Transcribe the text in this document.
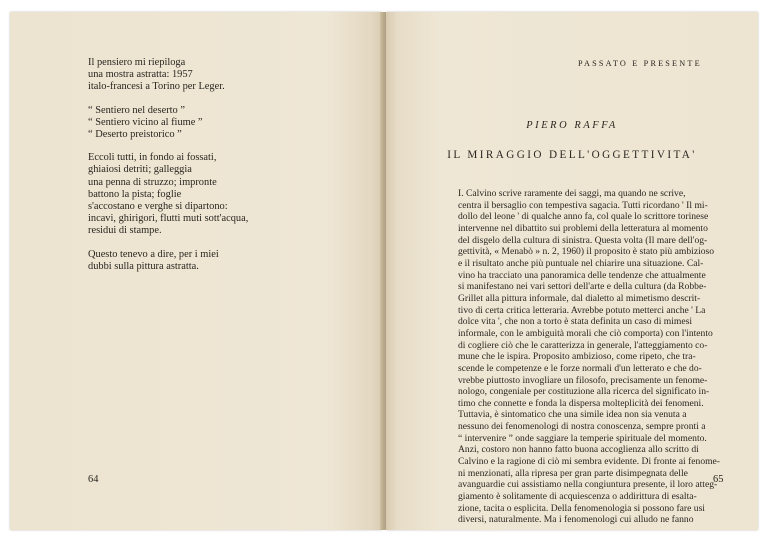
Il pensiero mi riepiloga
una mostra astratta: 1957
italo-francesi a Torino per Leger.
“ Sentiero nel deserto ”
“ Sentiero vicino al fiume ”
“ Deserto preistorico ”
Eccoli tutti, in fondo ai fossati,
ghiaiosi detriti; galleggia
una penna di struzzo; impronte
battono la pista; foglie
s'accostano e verghe si dipartono:
incavi, ghirigori, flutti muti sott'acqua,
residui di stampe.
Questo tenevo a dire, per i miei
dubbi sulla pittura astratta.
64
PASSATO E PRESENTE
PIERO RAFFA
IL MIRAGGIO DELL'OGGETTIVITA'
I. Calvino scrive raramente dei saggi, ma quando ne scrive,
centra il bersaglio con tempestiva sagacia. Tutti ricordano ' Il mi-
dollo del leone ' di qualche anno fa, col quale lo scrittore torinese
intervenne nel dibattito sui problemi della letteratura al momento
del disgelo della cultura di sinistra. Questa volta (Il mare dell'og-
gettività, « Menabò » n. 2, 1960) il proposito è stato più ambizioso
e il risultato anche più puntuale nel chiarire una situazione. Cal-
vino ha tracciato una panoramica delle tendenze che attualmente
si manifestano nei vari settori dell'arte e della cultura (da Robbe-
Grillet alla pittura informale, dal dialetto al mimetismo descrit-
tivo di certa critica letteraria. Avrebbe potuto metterci anche ' La
dolce vita ', che non a torto è stata definita un caso di mimesi
informale, con le ambiguità morali che ciò comporta) con l'intento
di cogliere ciò che le caratterizza in generale, l'atteggiamento co-
mune che le ispira. Proposito ambizioso, come ripeto, che tra-
scende le competenze e le forze normali d'un letterato e che do-
vrebbe piuttosto invogliare un filosofo, precisamente un fenome-
nologo, congeniale per costituzione alla ricerca del significato in-
timo che connette e fonda la dispersa molteplicità dei fenomeni.
Tuttavia, è sintomatico che una simile idea non sia venuta a
nessuno dei fenomenologi di nostra conoscenza, sempre pronti a
“ intervenire ” onde saggiare la temperie spirituale del momento.
Anzi, costoro non hanno fatto buona accoglienza allo scritto di
Calvino e la ragione di ciò mi sembra evidente. Di fronte ai fenome-
ni menzionati, alla ripresa per gran parte disimpegnata delle
avanguardie cui assistiamo nella congiuntura presente, il loro atteg-
giamento è solitamente di acquiescenza o addirittura di esalta-
zione, tacita o esplicita. Della fenomenologia si possono fare usi
diversi, naturalmente. Ma i fenomenologi cui alludo ne fanno
65
